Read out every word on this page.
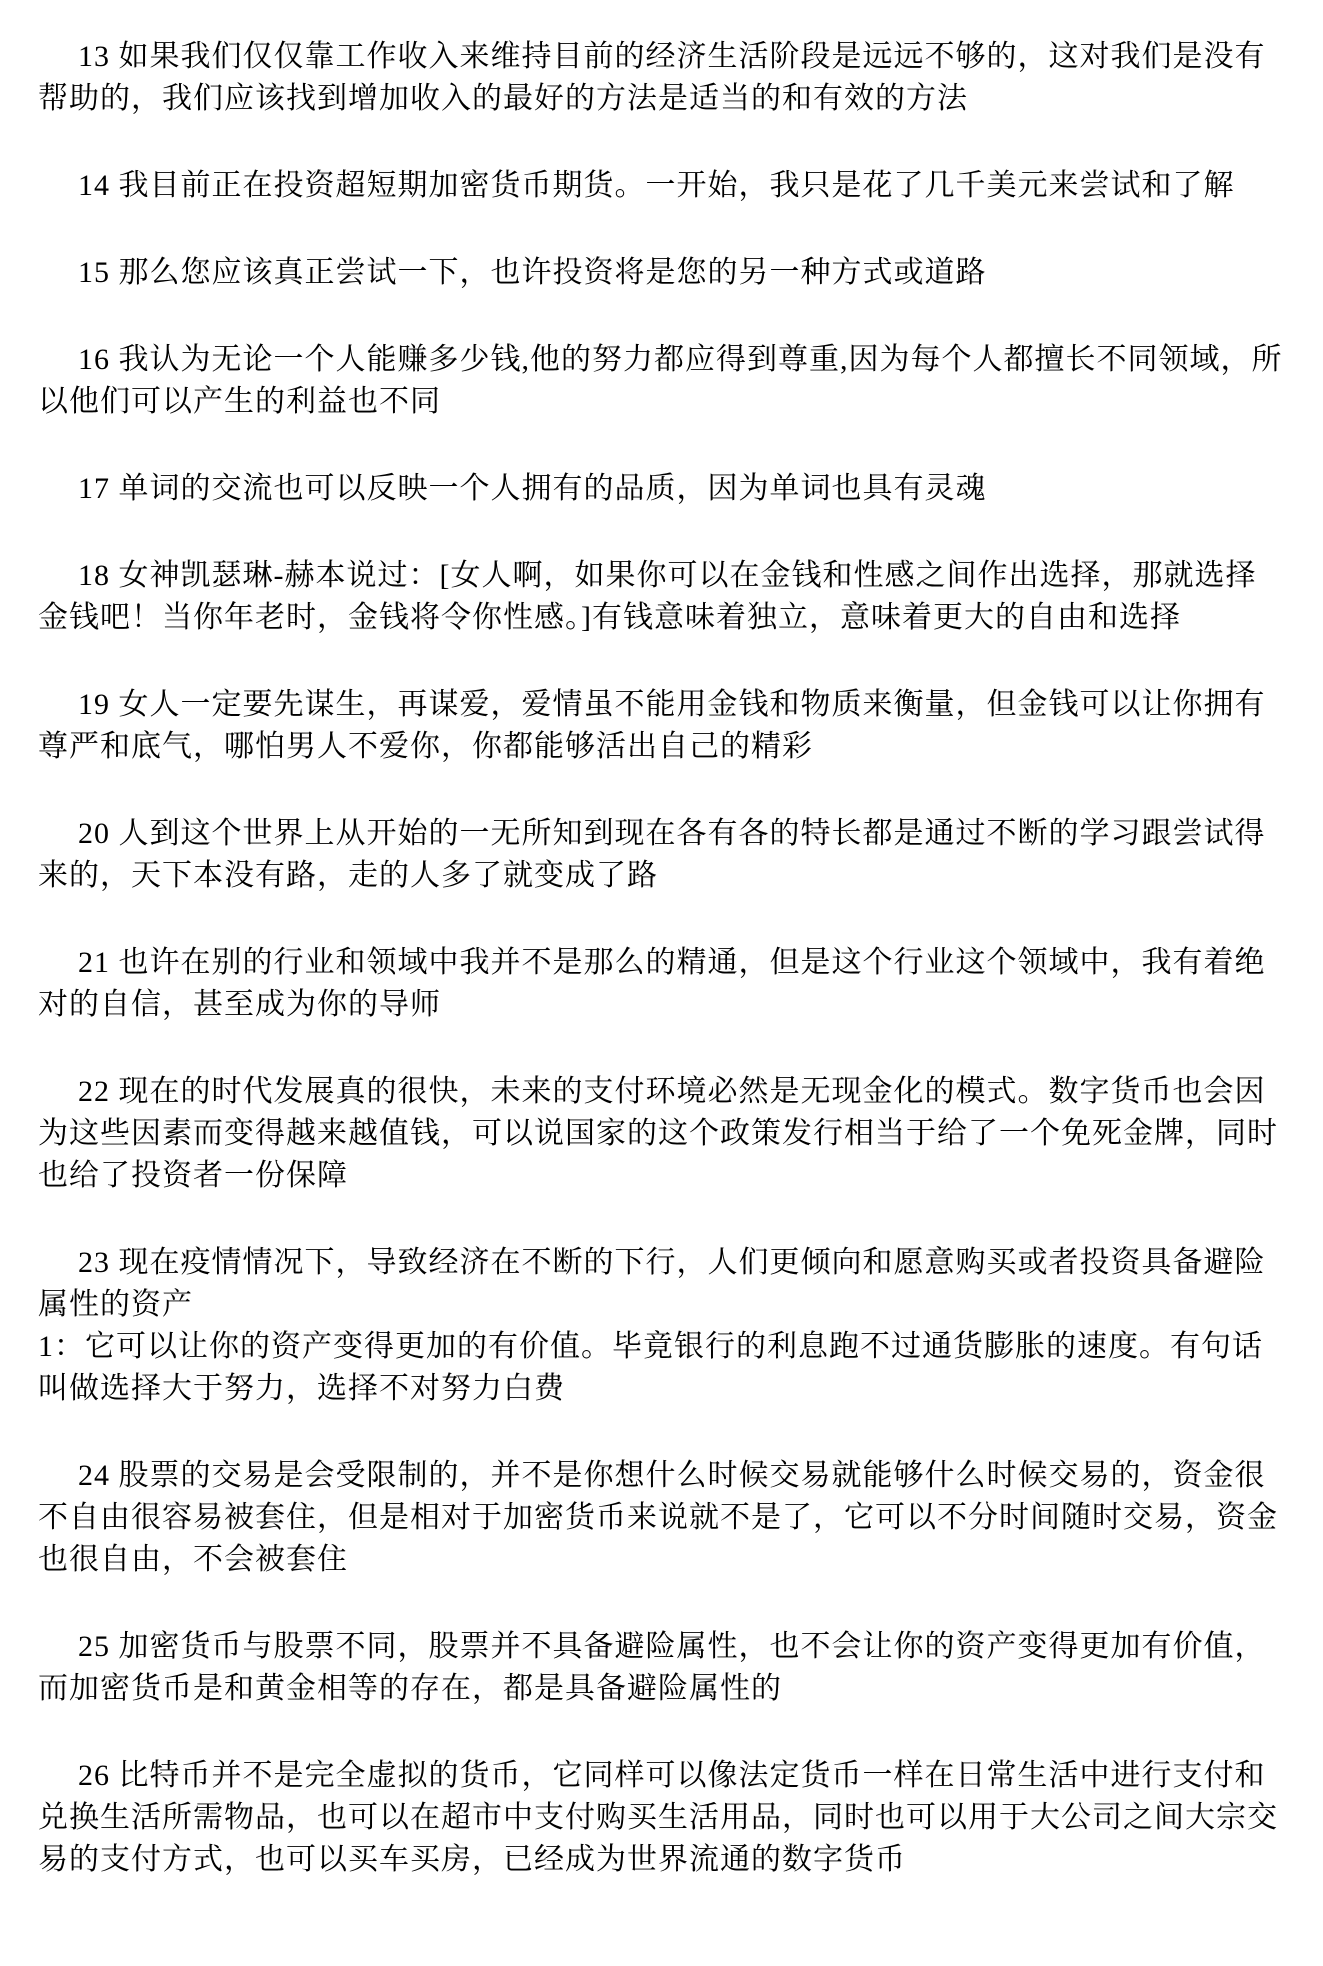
13 如果我们仅仅靠工作收入来维持目前的经济生活阶段是远远不够的，这对我们是没有帮助的，我们应该找到增加收入的最好的方法是适当的和有效的方法

14 我目前正在投资超短期加密货币期货。一开始，我只是花了几千美元来尝试和了解

15 那么您应该真正尝试一下，也许投资将是您的另一种方式或道路

16 我认为无论一个人能赚多少钱,他的努力都应得到尊重,因为每个人都擅长不同领域，所以他们可以产生的利益也不同

17 单词的交流也可以反映一个人拥有的品质，因为单词也具有灵魂

18 女神凯瑟琳-赫本说过：[女人啊，如果你可以在金钱和性感之间作出选择，那就选择金钱吧！当你年老时，金钱将令你性感。]有钱意味着独立，意味着更大的自由和选择

19 女人一定要先谋生，再谋爱，爱情虽不能用金钱和物质来衡量，但金钱可以让你拥有尊严和底气，哪怕男人不爱你，你都能够活出自己的精彩

20 人到这个世界上从开始的一无所知到现在各有各的特长都是通过不断的学习跟尝试得来的，天下本没有路，走的人多了就变成了路

21 也许在别的行业和领域中我并不是那么的精通，但是这个行业这个领域中，我有着绝对的自信，甚至成为你的导师

22 现在的时代发展真的很快，未来的支付环境必然是无现金化的模式。数字货币也会因为这些因素而变得越来越值钱，可以说国家的这个政策发行相当于给了一个免死金牌，同时也给了投资者一份保障

23 现在疫情情况下，导致经济在不断的下行，人们更倾向和愿意购买或者投资具备避险属性的资产

1：它可以让你的资产变得更加的有价值。毕竟银行的利息跑不过通货膨胀的速度。有句话叫做选择大于努力，选择不对努力白费

24 股票的交易是会受限制的，并不是你想什么时候交易就能够什么时候交易的，资金很不自由很容易被套住，但是相对于加密货币来说就不是了，它可以不分时间随时交易，资金也很自由，不会被套住

25 加密货币与股票不同，股票并不具备避险属性，也不会让你的资产变得更加有价值，而加密货币是和黄金相等的存在，都是具备避险属性的

26 比特币并不是完全虚拟的货币，它同样可以像法定货币一样在日常生活中进行支付和兑换生活所需物品，也可以在超市中支付购买生活用品，同时也可以用于大公司之间大宗交易的支付方式，也可以买车买房，已经成为世界流通的数字货币
